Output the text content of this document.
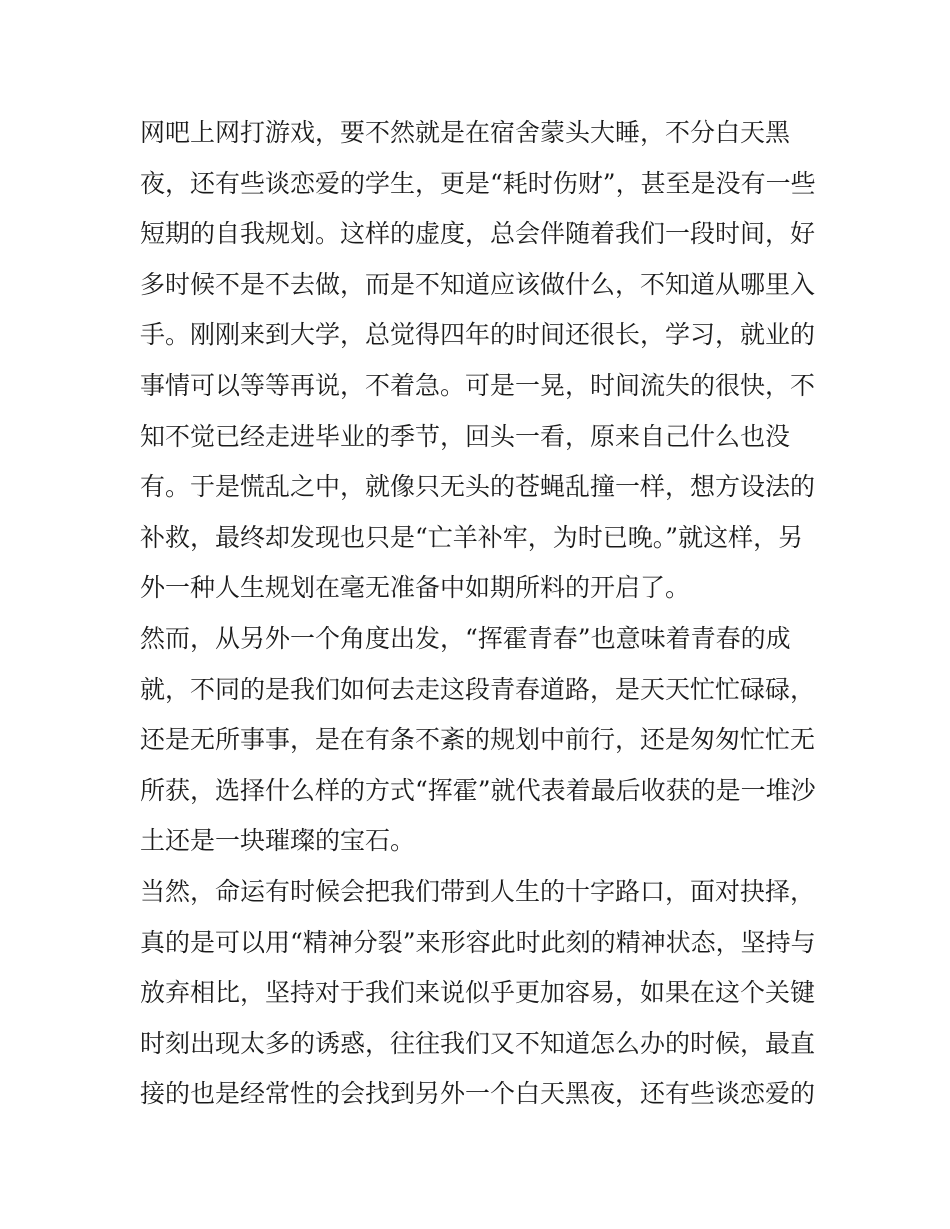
网吧上网打游戏，要不然就是在宿舍蒙头大睡，不分白天黑
夜，还有些谈恋爱的学生，更是“耗时伤财”，甚至是没有一些
短期的自我规划。这样的虚度，总会伴随着我们一段时间，好
多时候不是不去做，而是不知道应该做什么，不知道从哪里入
手。刚刚来到大学，总觉得四年的时间还很长，学习，就业的
事情可以等等再说，不着急。可是一晃，时间流失的很快，不
知不觉已经走进毕业的季节，回头一看，原来自己什么也没
有。于是慌乱之中，就像只无头的苍蝇乱撞一样，想方设法的
补救，最终却发现也只是“亡羊补牢，为时已晚。”就这样，另
外一种人生规划在毫无准备中如期所料的开启了。
然而，从另外一个角度出发，“挥霍青春”也意味着青春的成
就，不同的是我们如何去走这段青春道路，是天天忙忙碌碌，
还是无所事事，是在有条不紊的规划中前行，还是匆匆忙忙无
所获，选择什么样的方式“挥霍”就代表着最后收获的是一堆沙
土还是一块璀璨的宝石。
当然，命运有时候会把我们带到人生的十字路口，面对抉择，
真的是可以用“精神分裂”来形容此时此刻的精神状态，坚持与
放弃相比，坚持对于我们来说似乎更加容易，如果在这个关键
时刻出现太多的诱惑，往往我们又不知道怎么办的时候，最直
接的也是经常性的会找到另外一个白天黑夜，还有些谈恋爱的
